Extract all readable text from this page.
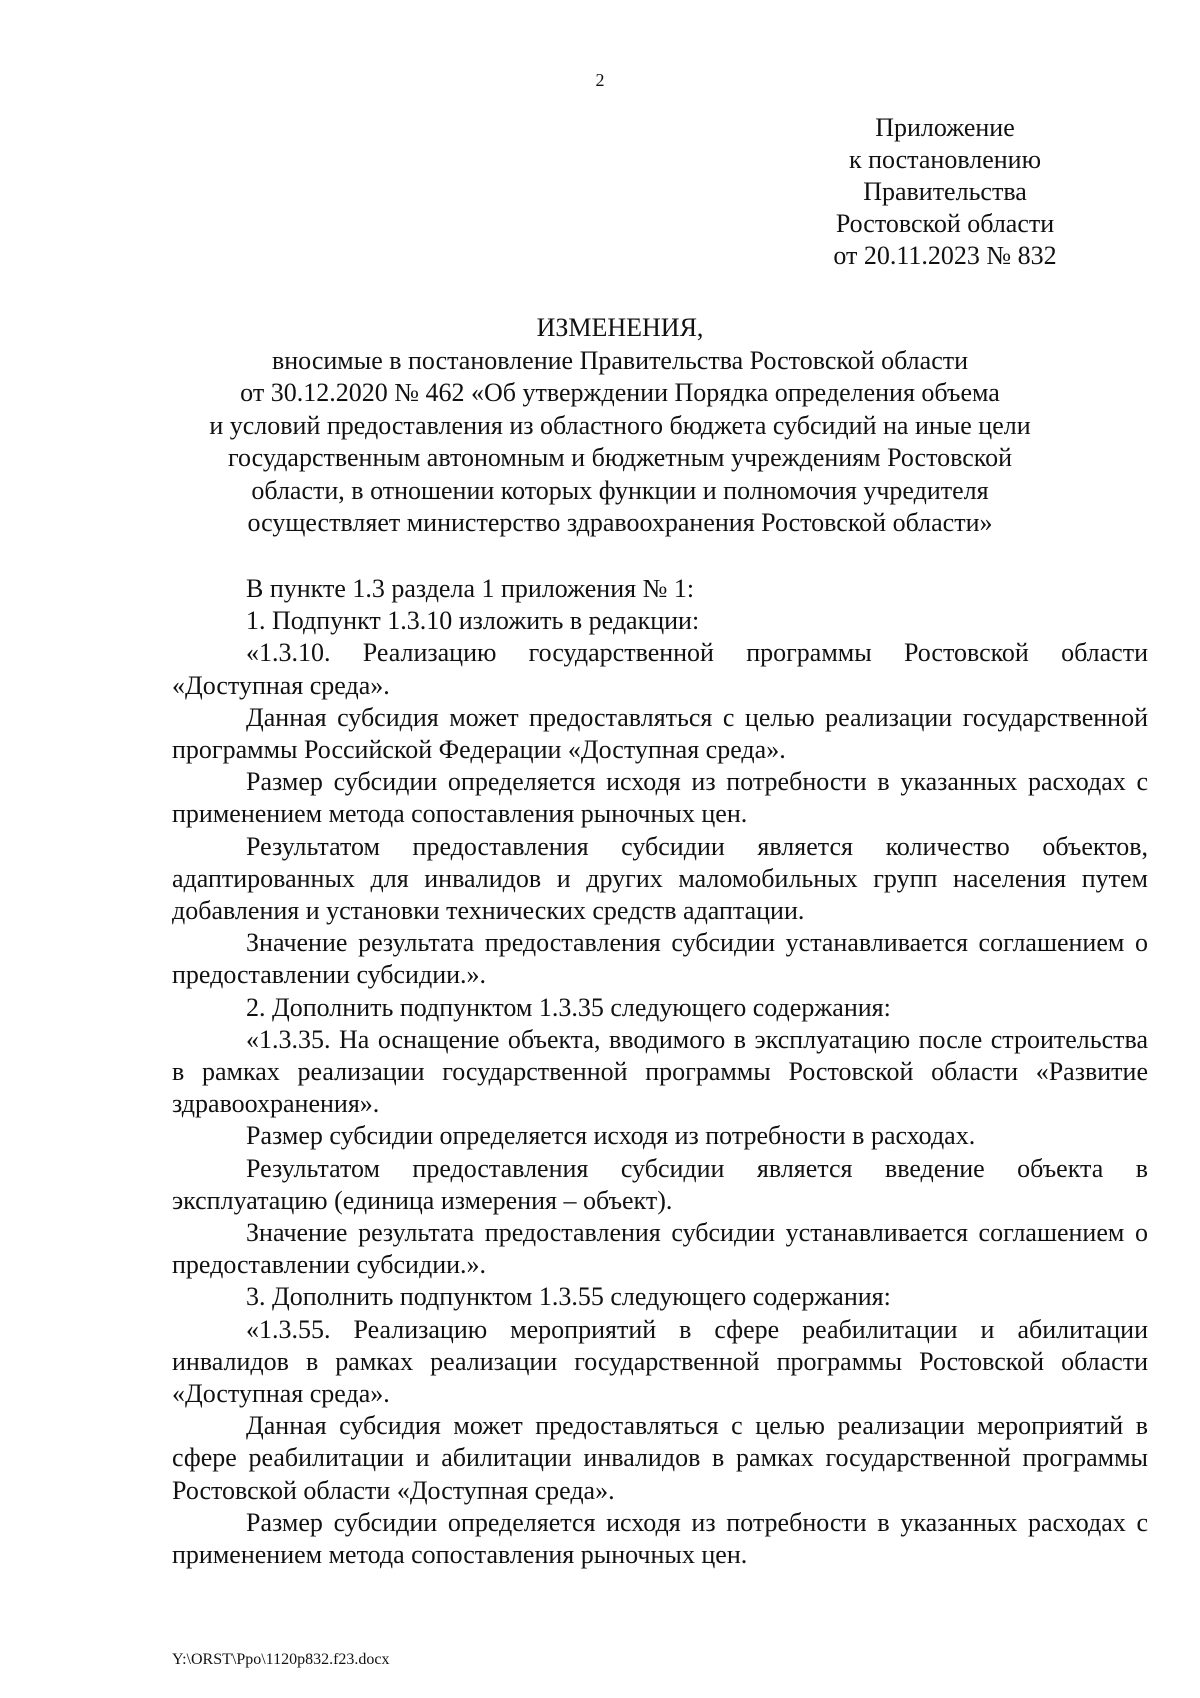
2
Приложение
к постановлению
Правительства
Ростовской области
от 20.11.2023 № 832
ИЗМЕНЕНИЯ,
вносимые в постановление Правительства Ростовской области
от 30.12.2020 № 462 «Об утверждении Порядка определения объема
и условий предоставления из областного бюджета субсидий на иные цели
государственным автономным и бюджетным учреждениям Ростовской
области, в отношении которых функции и полномочия учредителя
осуществляет министерство здравоохранения Ростовской области»

В пункте 1.3 раздела 1 приложения № 1:

1. Подпункт 1.3.10 изложить в редакции:

«1.3.10. Реализацию государственной программы Ростовской области «Доступная среда».

Данная субсидия может предоставляться с целью реализации государственной программы Российской Федерации «Доступная среда».

Размер субсидии определяется исходя из потребности в указанных расходах с применением метода сопоставления рыночных цен.

Результатом предоставления субсидии является количество объектов, адаптированных для инвалидов и других маломобильных групп населения путем добавления и установки технических средств адаптации.

Значение результата предоставления субсидии устанавливается соглашением о предоставлении субсидии.».

2. Дополнить подпунктом 1.3.35 следующего содержания:

«1.3.35. На оснащение объекта, вводимого в эксплуатацию после строительства в рамках реализации государственной программы Ростовской области «Развитие здравоохранения».

Размер субсидии определяется исходя из потребности в расходах.

Результатом предоставления субсидии является введение объекта в эксплуатацию (единица измерения – объект).

Значение результата предоставления субсидии устанавливается соглашением о предоставлении субсидии.».

3. Дополнить подпунктом 1.3.55 следующего содержания:

«1.3.55. Реализацию мероприятий в сфере реабилитации и абилитации инвалидов в рамках реализации государственной программы Ростовской области «Доступная среда».

Данная субсидия может предоставляться с целью реализации мероприятий в сфере реабилитации и абилитации инвалидов в рамках государственной программы Ростовской области «Доступная среда».

Размер субсидии определяется исходя из потребности в указанных расходах с применением метода сопоставления рыночных цен.

Y:\ORST\Ppo\1120p832.f23.docx
